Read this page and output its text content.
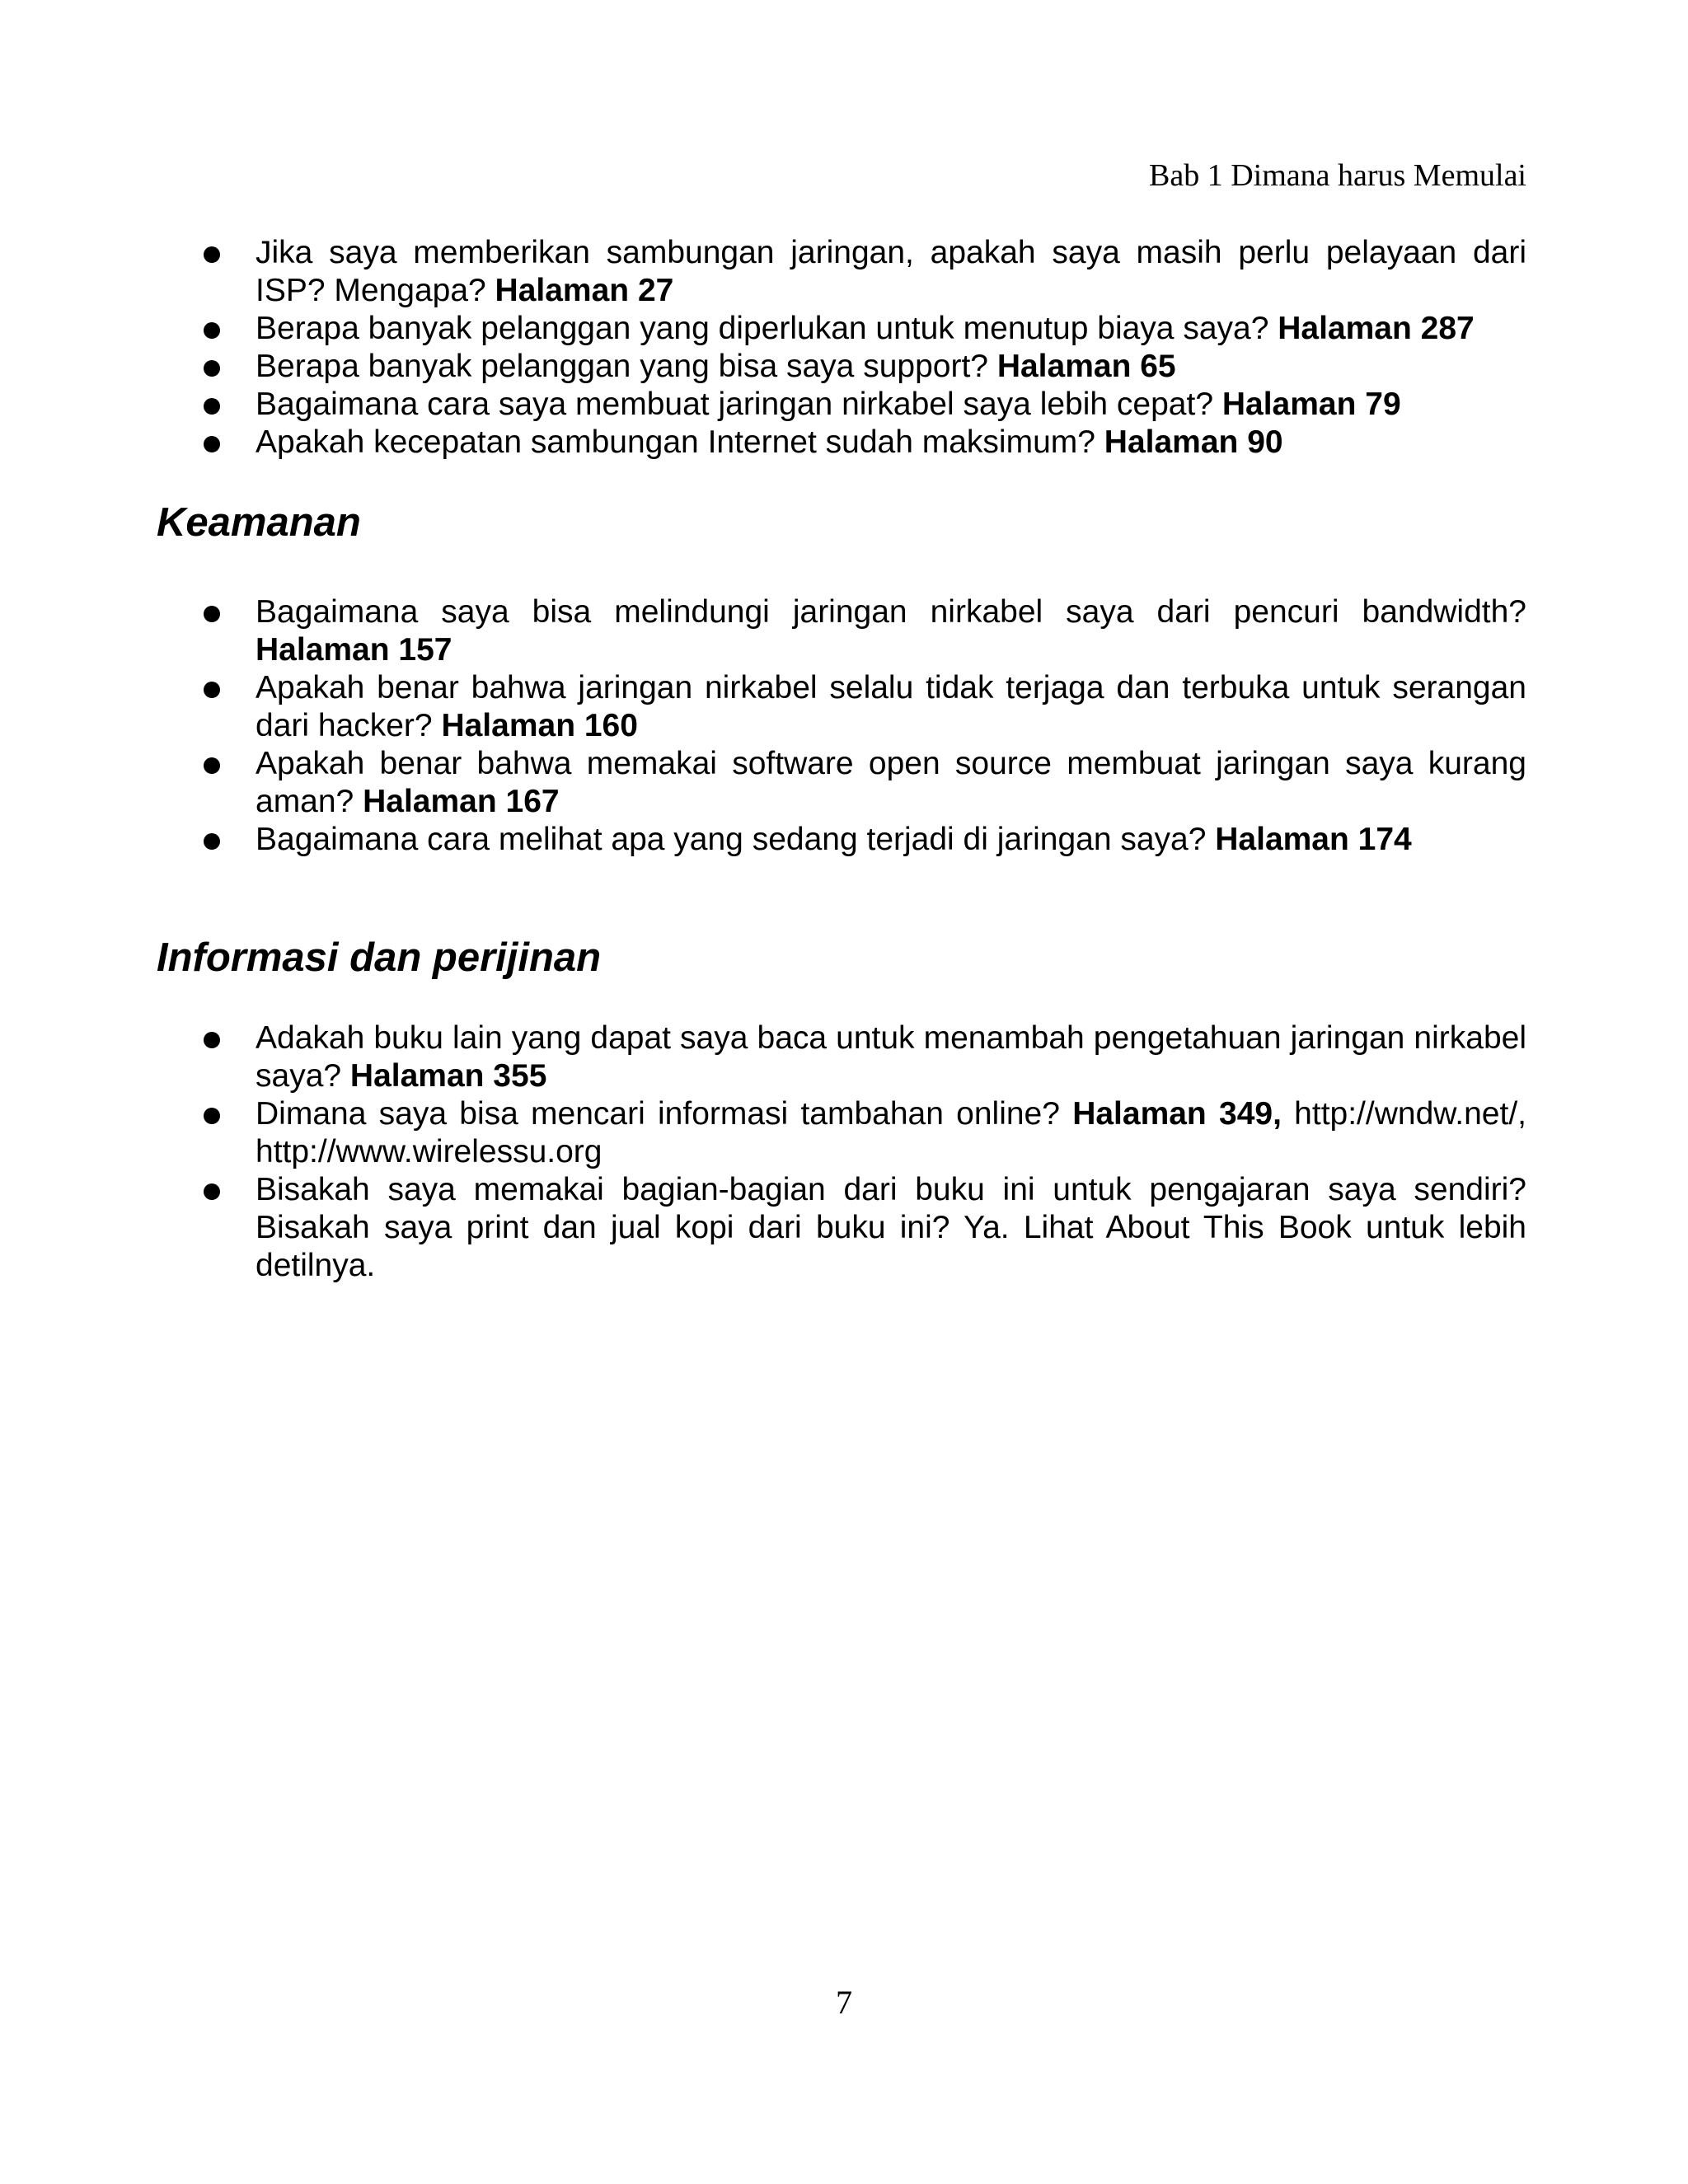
Bab 1 Dimana harus Memulai
Jika saya memberikan sambungan jaringan, apakah saya masih perlu pelayaan dari ISP? Mengapa? Halaman 27
Berapa banyak pelanggan yang diperlukan untuk menutup biaya saya? Halaman 287
Berapa banyak pelanggan yang bisa saya support? Halaman 65
Bagaimana cara saya membuat jaringan nirkabel saya lebih cepat? Halaman 79
Apakah kecepatan sambungan Internet sudah maksimum? Halaman 90
Keamanan
Bagaimana saya bisa melindungi jaringan nirkabel saya dari pencuri bandwidth? Halaman 157
Apakah benar bahwa jaringan nirkabel selalu tidak terjaga dan terbuka untuk serangan dari hacker? Halaman 160
Apakah benar bahwa memakai software open source membuat jaringan saya kurang aman? Halaman 167
Bagaimana cara melihat apa yang sedang terjadi di jaringan saya? Halaman 174
Informasi dan perijinan
Adakah buku lain yang dapat saya baca untuk menambah pengetahuan jaringan nirkabel saya? Halaman 355
Dimana saya bisa mencari informasi tambahan online? Halaman 349, http://wndw.net/, http://www.wirelessu.org
Bisakah saya memakai bagian-bagian dari buku ini untuk pengajaran saya sendiri? Bisakah saya print dan jual kopi dari buku ini? Ya. Lihat About This Book untuk lebih detilnya.
7
